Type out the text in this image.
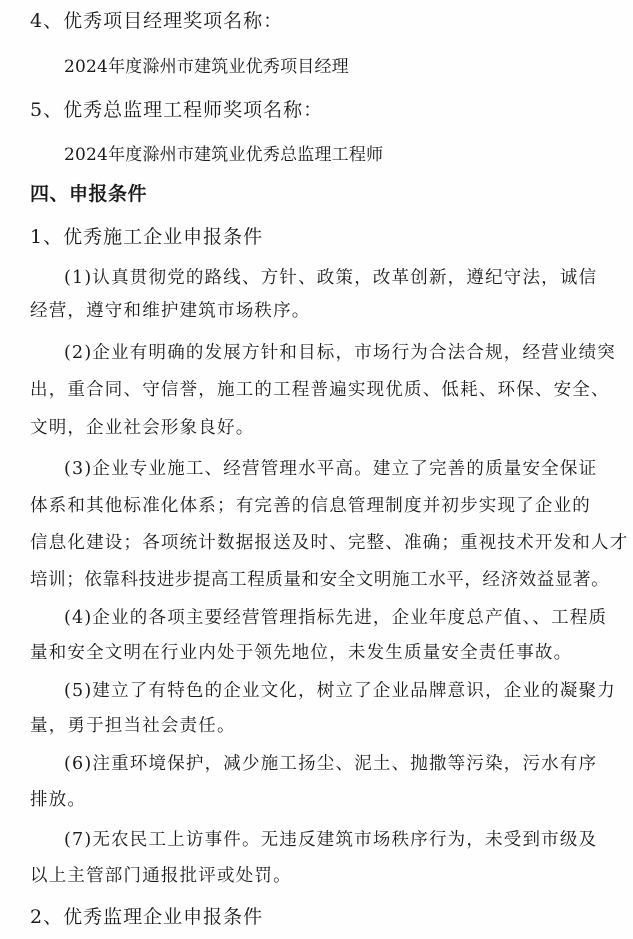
4、优秀项目经理奖项名称：
2024年度滁州市建筑业优秀项目经理
5、优秀总监理工程师奖项名称：
2024年度滁州市建筑业优秀总监理工程师
四、申报条件
1、优秀施工企业申报条件
(1)认真贯彻党的路线、方针、政策，改革创新，遵纪守法，诚信
经营，遵守和维护建筑市场秩序。
(2)企业有明确的发展方针和目标，市场行为合法合规，经营业绩突
出，重合同、守信誉，施工的工程普遍实现优质、低耗、环保、安全、
文明，企业社会形象良好。
(3)企业专业施工、经营管理水平高。建立了完善的质量安全保证
体系和其他标准化体系；有完善的信息管理制度并初步实现了企业的
信息化建设；各项统计数据报送及时、完整、准确；重视技术开发和人才
培训；依靠科技进步提高工程质量和安全文明施工水平，经济效益显著。
(4)企业的各项主要经营管理指标先进，企业年度总产值、、工程质
量和安全文明在行业内处于领先地位，未发生质量安全责任事故。
(5)建立了有特色的企业文化，树立了企业品牌意识，企业的凝聚力
量，勇于担当社会责任。
(6)注重环境保护，减少施工扬尘、泥土、抛撒等污染，污水有序
排放。
(7)无农民工上访事件。无违反建筑市场秩序行为，未受到市级及
以上主管部门通报批评或处罚。
2、优秀监理企业申报条件
